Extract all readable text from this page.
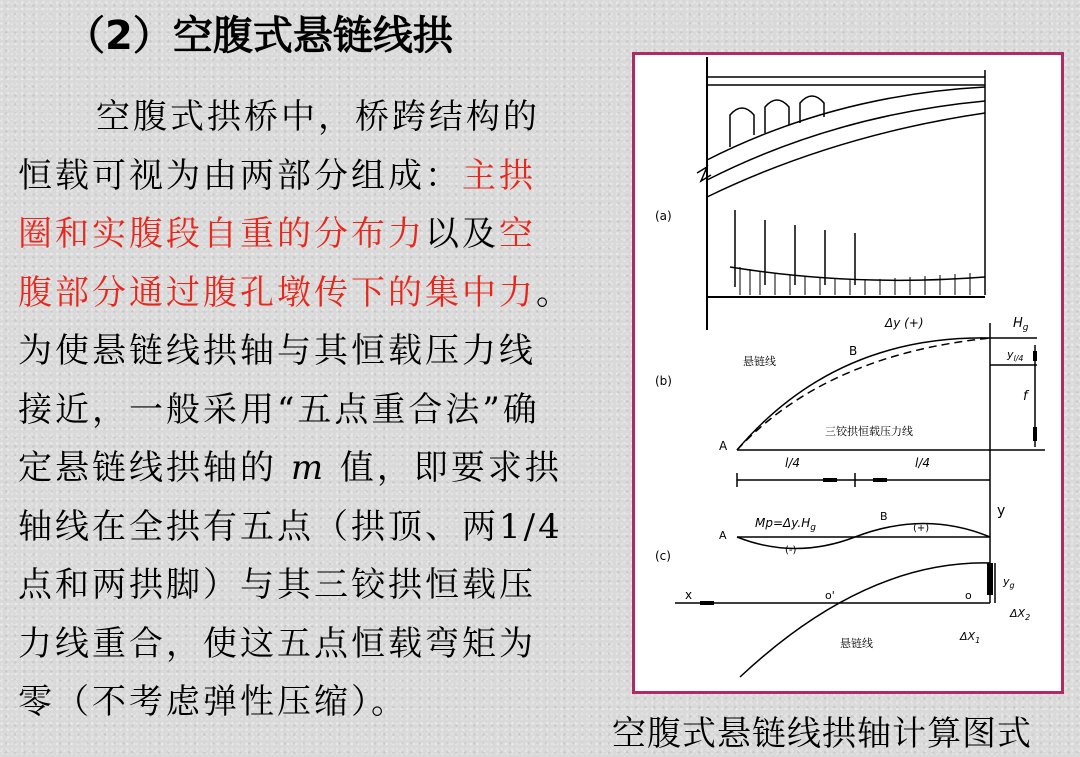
（2）空腹式悬链线拱
空腹式拱桥中，桥跨结构的
恒载可视为由两部分组成：主拱
圈和实腹段自重的分布力以及空
腹部分通过腹孔墩传下的集中力。
为使悬链线拱轴与其恒载压力线
接近，一般采用“五点重合法”确
定悬链线拱轴的 m 值，即要求拱
轴线在全拱有五点（拱顶、两1/4
点和两拱脚）与其三铰拱恒载压
力线重合，使这五点恒载弯矩为
零（不考虑弹性压缩）。
(a)
Δy (+)	$H_g$
B
A
悬链线
三铰拱恒载压力线
$y_{l/4}$
f
l/4	l/4
(b)
$Mp=\Delta y.H_g$
B
A
(+)
(-)
y
x	o'	o
$y_g$
$\Delta X_2$
$\Delta X_1$
悬链线
(c)
空腹式悬链线拱轴计算图式
